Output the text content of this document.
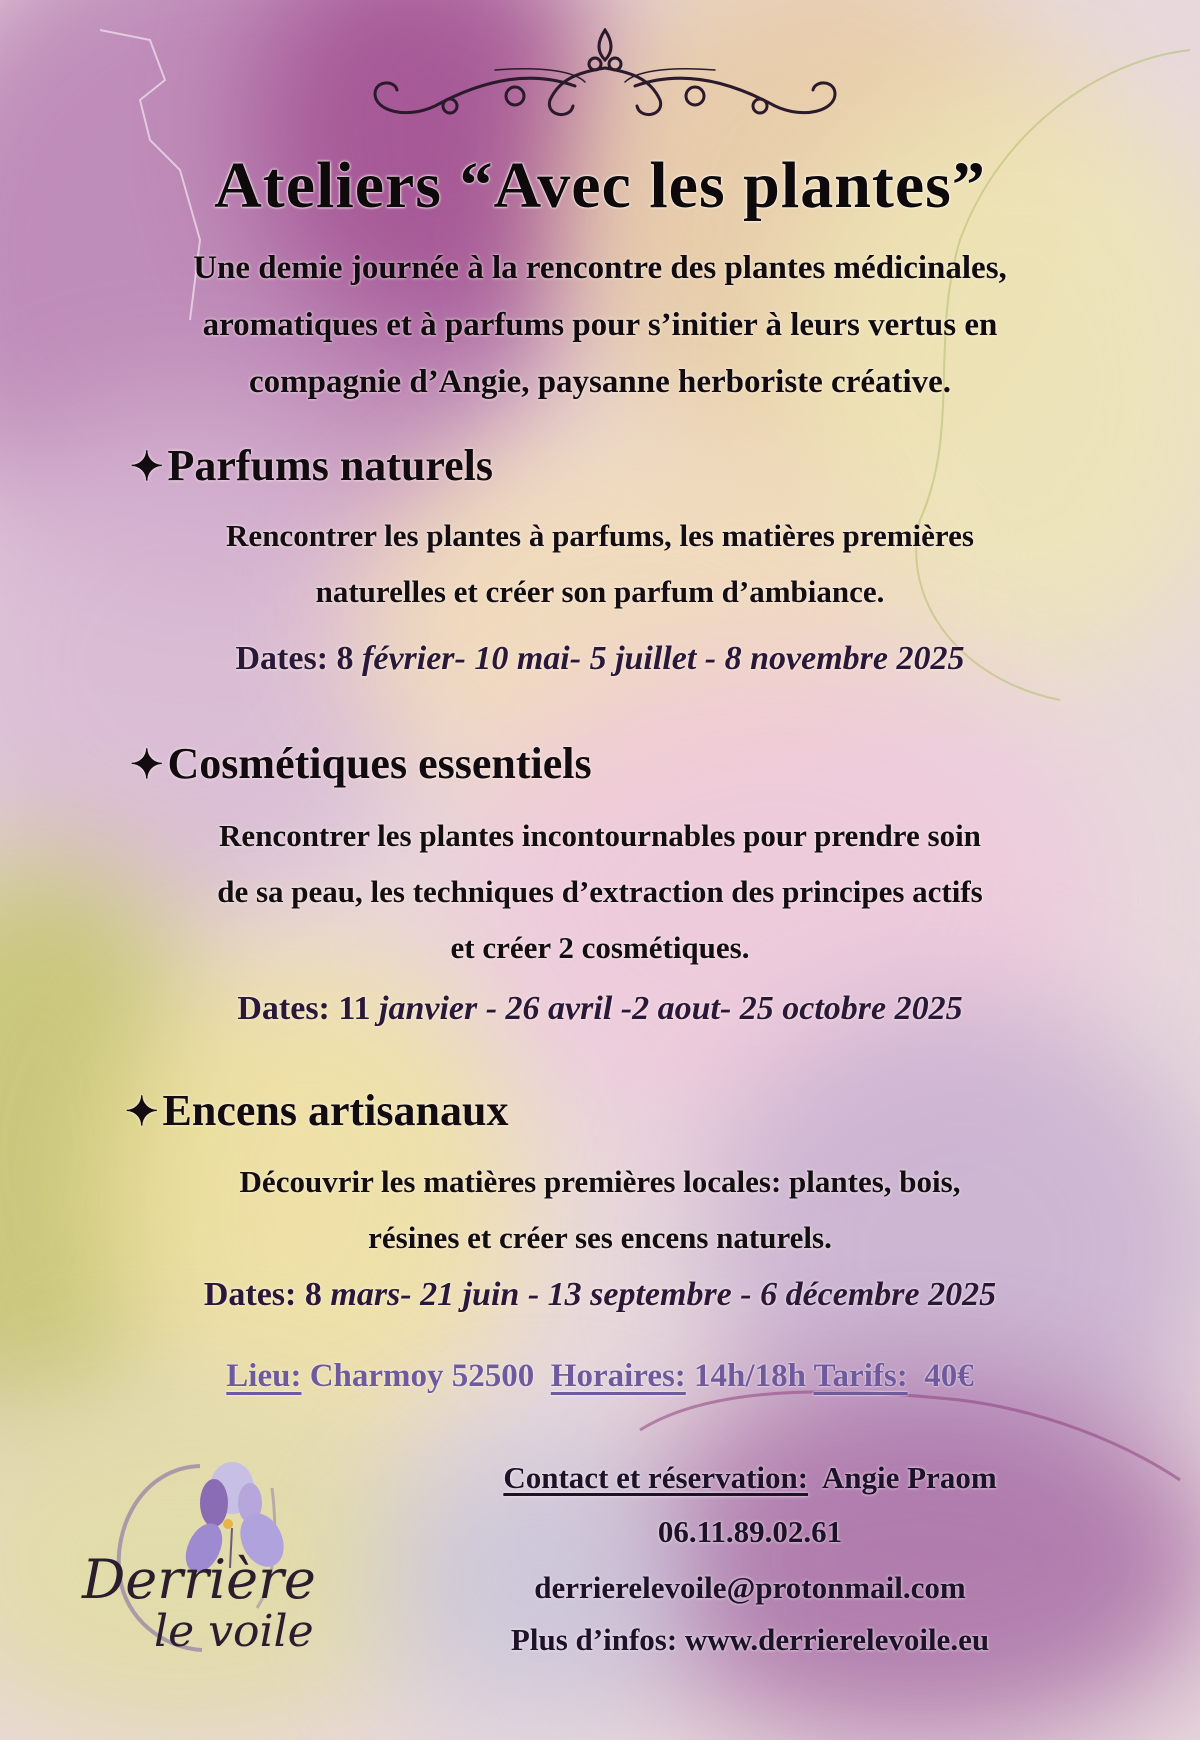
Ateliers “Avec les plantes”
Une demie journée à la rencontre des plantes médicinales,
aromatiques et à parfums pour s’initier à leurs vertus en
compagnie d’Angie, paysanne herboriste créative.
✦Parfums naturels
Rencontrer les plantes à parfums, les matières premières
naturelles et créer son parfum d’ambiance.
Dates: 8 février- 10 mai- 5 juillet - 8 novembre 2025
✦Cosmétiques essentiels
Rencontrer les plantes incontournables pour prendre soin
de sa peau, les techniques d’extraction des principes actifs
et créer 2 cosmétiques.
Dates: 11 janvier - 26 avril -2 aout- 25 octobre 2025
✦Encens artisanaux
Découvrir les matières premières locales: plantes, bois,
résines et créer ses encens naturels.
Dates: 8 mars- 21 juin - 13 septembre - 6 décembre 2025
Lieu: Charmoy 52500  Horaires: 14h/18h Tarifs:  40€
Contact et réservation:  Angie Praom
06.11.89.02.61
derrierelevoile@protonmail.com
Plus d’infos: www.derrierelevoile.eu
Derrière
le voile
